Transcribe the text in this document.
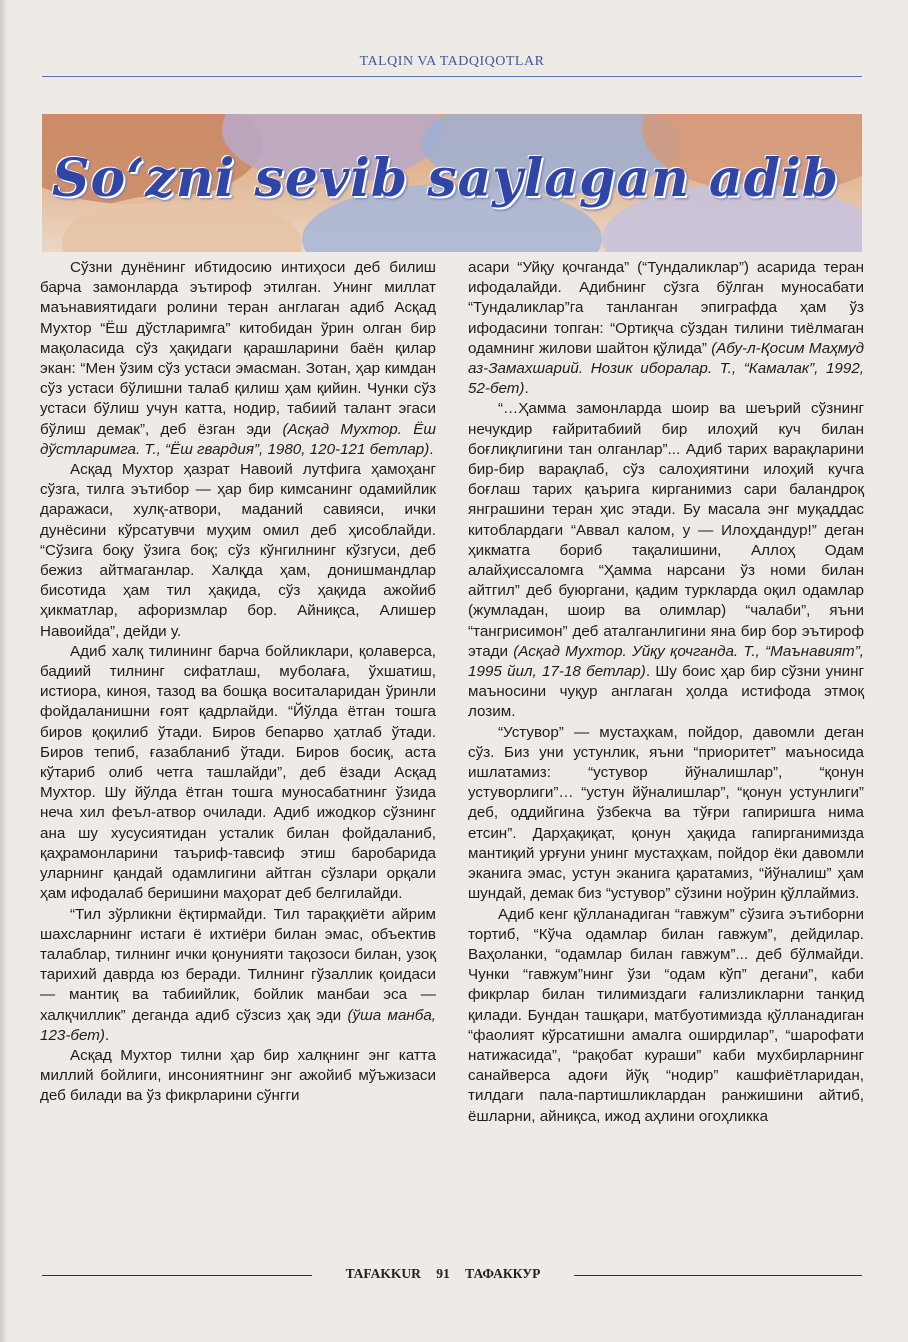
TALQIN VA TADQIQOTLAR
So‘zni sevib saylagan adib

Сўзни дунёнинг ибтидосию интиҳоси деб билиш барча замонларда эътироф этилган. Унинг миллат маънавиятидаги ролини теран англаган адиб Асқад Мухтор “Ёш дўстларимга” китобидан ўрин олган бир мақоласида сўз ҳақидаги қарашларини баён қилар экан: “Мен ўзим сўз устаси эмасман. Зотан, ҳар кимдан сўз устаси бўлишни талаб қилиш ҳам қийин. Чунки сўз устаси бўлиш учун катта, нодир, табиий талант эгаси бўлиш демак”, деб ёзган эди (Асқад Мухтор. Ёш дўстларимга. Т., “Ёш гвардия”, 1980, 120-121 бетлар).

Асқад Мухтор ҳазрат Навоий лутфига ҳамоҳанг сўзга, тилга эътибор — ҳар бир кимсанинг одамийлик даражаси, хулқ-атвори, маданий савияси, ички дунёсини кўрсатувчи муҳим омил деб ҳисоблайди. “Сўзига боқу ўзига боқ; сўз кўнгилнинг кўзгуси, деб бежиз айтмаганлар. Халқда ҳам, донишмандлар бисотида ҳам тил ҳақида, сўз ҳақида ажойиб ҳикматлар, афоризмлар бор. Айниқса, Алишер Навоийда”, дейди у.

Адиб халқ тилининг барча бойликлари, қолаверса, бадиий тилнинг сифатлаш, муболаға, ўхшатиш, истиора, киноя, тазод ва бошқа воситаларидан ўринли фойдаланишни ғоят қадрлайди. “Йўлда ётган тошга биров қоқилиб ўтади. Биров бепарво ҳатлаб ўтади. Биров тепиб, ғазабланиб ўтади. Биров босиқ, аста кўтариб олиб четга ташлайди”, деб ёзади Асқад Мухтор. Шу йўлда ётган тошга муносабатнинг ўзида неча хил феъл-атвор очилади. Адиб ижодкор сўзнинг ана шу хусусиятидан усталик билан фойдаланиб, қаҳрамонларини таъриф-тавсиф этиш баробарида уларнинг қандай одамлигини айтган сўзлари орқали ҳам ифодалаб беришини маҳорат деб белгилайди.

“Тил зўрликни ёқтирмайди. Тил тараққиёти айрим шахсларнинг истаги ё ихтиёри билан эмас, объектив талаблар, тилнинг ички қонунияти тақозоси билан, узоқ тарихий даврда юз беради. Тилнинг гўзаллик қоидаси — мантиқ ва табиийлик, бойлик манбаи эса — халқчиллик” деганда адиб сўзсиз ҳақ эди (ўша манба, 123-бет).

Асқад Мухтор тилни ҳар бир халқнинг энг катта миллий бойлиги, инсониятнинг энг ажойиб мўъжизаси деб билади ва ўз фикрларини сўнгги

асари “Уйқу қочганда” (“Тундаликлар”) асарида теран ифодалайди. Адибнинг сўзга бўлган муносабати “Тундаликлар”га танланган эпиграфда ҳам ўз ифодасини топган: “Ортиқча сўздан тилини тиёлмаган одамнинг жилови шайтон қўлида” (Абу-л-Қосим Маҳмуд аз-Замахшарий. Нозик иборалар. Т., “Камалак”, 1992, 52-бет).

“…Ҳамма замонларда шоир ва шеърий сўзнинг нечукдир ғайритабиий бир илоҳий куч билан боғлиқлигини тан олганлар”... Адиб тарих варақларини бир-бир варақлаб, сўз салоҳиятини илоҳий кучга боғлаш тарих қаърига кирганимиз сари баландроқ янграшини теран ҳис этади. Бу масала энг муқаддас китоблардаги “Аввал калом, у — Илоҳдандур!” деган ҳикматга бориб тақалишини, Аллоҳ Одам алайҳиссаломга “Ҳамма нарсани ўз номи билан айтгил” деб буюргани, қадим туркларда оқил одамлар (жумладан, шоир ва олимлар) “чалаби”, яъни “тангрисимон” деб аталганлигини яна бир бор эътироф этади (Асқад Мухтор. Уйқу қочганда. Т., “Маънавият”, 1995 йил, 17-18 бетлар). Шу боис ҳар бир сўзни унинг маъносини чуқур англаган ҳолда истифода этмоқ лозим.

“Устувор” — мустаҳкам, пойдор, давомли деган сўз. Биз уни устунлик, яъни “приоритет” маъносида ишлатамиз: “устувор йўналишлар”, “қонун устуворлиги”… “устун йўналишлар”, “қонун устунлиги” деб, оддийгина ўзбекча ва тўғри гапиришга нима етсин”. Дарҳақиқат, қонун ҳақида гапирганимизда мантиқий урғуни унинг мустаҳкам, пойдор ёки давомли эканига эмас, устун эканига қаратамиз, “йўналиш” ҳам шундай, демак биз “устувор” сўзини ноўрин қўллаймиз.

Адиб кенг қўлланадиган “гавжум” сўзига эътиборни тортиб, “Кўча одамлар билан гавжум”, дейдилар. Ваҳоланки, “одамлар билан гавжум”... деб бўлмайди. Чунки “гавжум”нинг ўзи “одам кўп” дегани”, каби фикрлар билан тилимиздаги ғализликларни танқид қилади. Бундан ташқари, матбуотимизда қўлланадиган “фаолият кўрсатишни амалга оширдилар”, “шарофати натижасида”, “рақобат кураши” каби мухбирларнинг санайверса адоғи йўқ “нодир” кашфиётларидан, тилдаги пала-партишликлардан ранжишини айтиб, ёшларни, айниқса, ижод аҳлини огоҳликка

TAFAKKUR 91 ТАФАККУР
